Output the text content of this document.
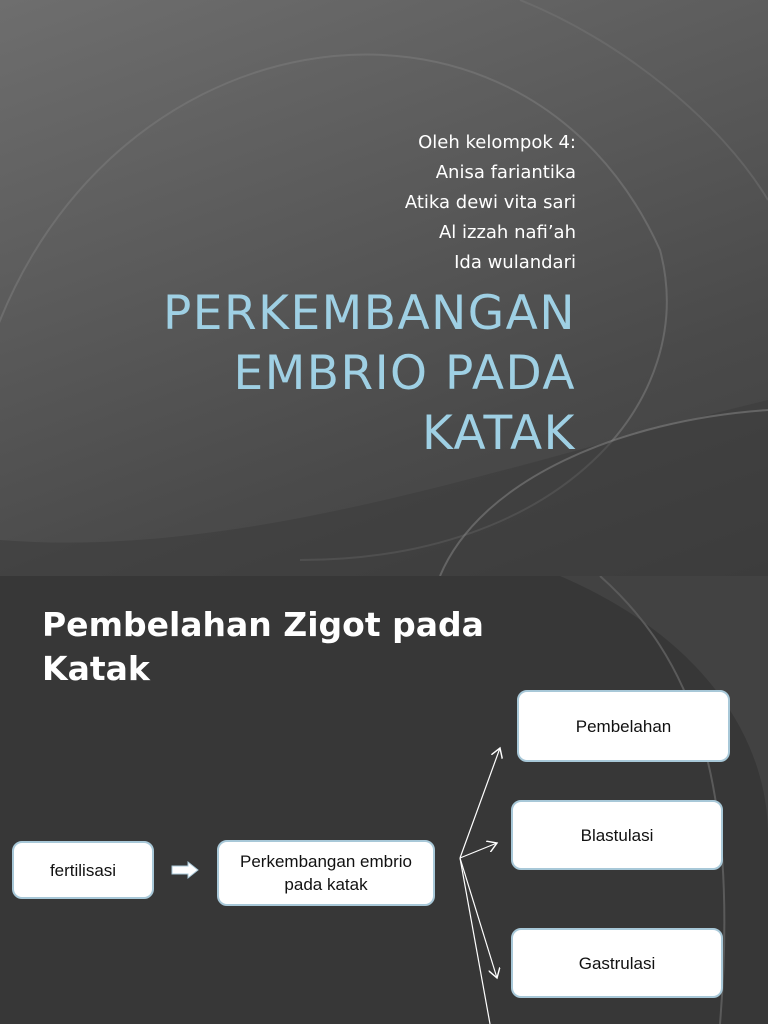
Oleh kelompok 4:
Anisa fariantika
Atika dewi vita sari
Al izzah nafi’ah
Ida wulandari
PERKEMBANGAN
EMBRIO PADA
KATAK
Pembelahan Zigot pada Katak
fertilisasi	Perkembangan embrio pada katak
Pembelahan
Blastulasi
Gastrulasi
